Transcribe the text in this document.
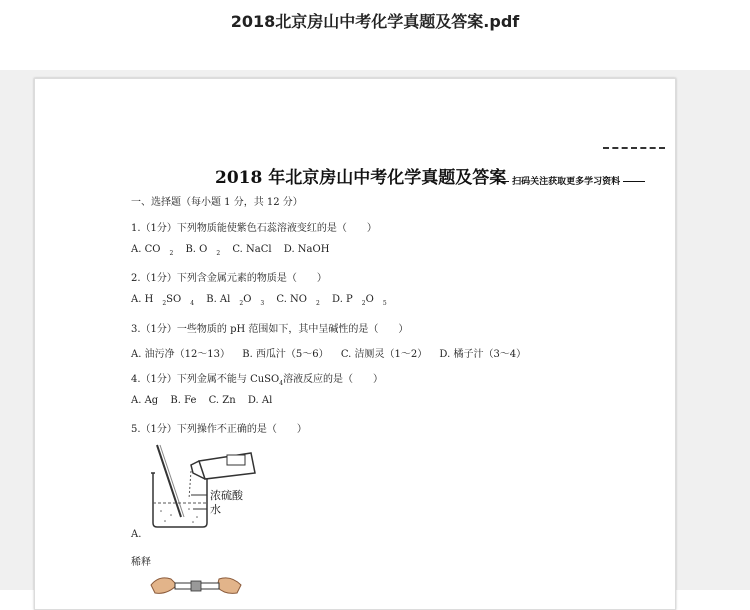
2018北京房山中考化学真题及答案.pdf
2018 年北京房山中考化学真题及答案 扫码关注获取更多学习资料
一、选择题（每小题 1 分，共 12 分）
1.（1分）下列物质能使紫色石蕊溶液变红的是（　　）
A. CO $_2$ B. O $_2$ C. NaCl D. NaOH
2.（1分）下列含金属元素的物质是（　　）
A. H $_2$SO $_4$ B. Al $_2$O $_3$ C. NO $_2$ D. P $_2$O $_5$
3.（1分）一些物质的 pH 范围如下，其中呈碱性的是（　　）
A. 油污净（12～13） B. 西瓜汁（5～6） C. 洁厕灵（1～2） D. 橘子汁（3～4）
4.（1分）下列金属不能与 CuSO$_4$溶液反应的是（　　）
A. Ag B. Fe C. Zn D. Al
5.（1分）下列操作不正确的是（　　）
浓硫酸
水
A.
稀释
